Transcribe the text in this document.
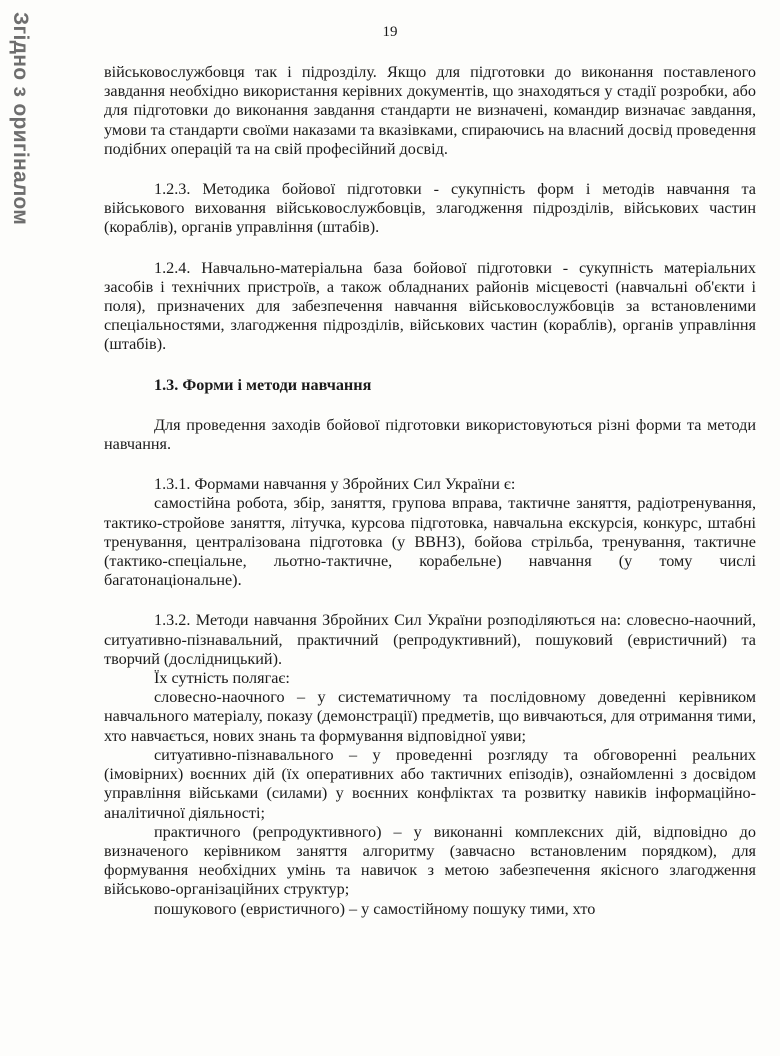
Згідно з оригіналом	19

військовослужбовця так і підрозділу. Якщо для підготовки до виконання поставленого завдання необхідно використання керівних документів, що знаходяться у стадії розробки, або для підготовки до виконання завдання стандарти не визначені, командир визначає завдання, умови та стандарти своїми наказами та вказівками, спираючись на власний досвід проведення подібних операцій та на свій професійний досвід.

1.2.3. Методика бойової підготовки - сукупність форм і методів навчання та військового виховання військовослужбовців, злагодження підрозділів, військових частин (кораблів), органів управління (штабів).

1.2.4. Навчально-матеріальна база бойової підготовки - сукупність матеріальних засобів і технічних пристроїв, а також обладнаних районів місцевості (навчальні об'єкти і поля), призначених для забезпечення навчання військовослужбовців за встановленими спеціальностями, злагодження підрозділів, військових частин (кораблів), органів управління (штабів).

1.3. Форми і методи навчання

Для проведення заходів бойової підготовки використовуються різні форми та методи навчання.

1.3.1. Формами навчання у Збройних Сил України є:

самостійна робота, збір, заняття, групова вправа, тактичне заняття, радіотренування, тактико-стройове заняття, літучка, курсова підготовка, навчальна екскурсія, конкурс, штабні тренування, централізована підготовка (у ВВНЗ), бойова стрільба, тренування, тактичне (тактико-спеціальне, льотно-тактичне, корабельне) навчання (у тому числі багатонаціональне).

1.3.2. Методи навчання Збройних Сил України розподіляються на: словесно-наочний, ситуативно-пізнавальний, практичний (репродуктивний), пошуковий (евристичний) та творчий (дослідницький).

Їх сутність полягає:

словесно-наочного – у систематичному та послідовному доведенні керівником навчального матеріалу, показу (демонстрації) предметів, що вивчаються, для отримання тими, хто навчається, нових знань та формування відповідної уяви;

ситуативно-пізнавального – у проведенні розгляду та обговоренні реальних (імовірних) воєнних дій (їх оперативних або тактичних епізодів), ознайомленні з досвідом управління військами (силами) у воєнних конфліктах та розвитку навиків інформаційно-аналітичної діяльності;

практичного (репродуктивного) – у виконанні комплексних дій, відповідно до визначеного керівником заняття алгоритму (завчасно встановленим порядком), для формування необхідних умінь та навичок з метою забезпечення якісного злагодження військово-організаційних структур;

пошукового (евристичного) – у самостійному пошуку тими, хто
